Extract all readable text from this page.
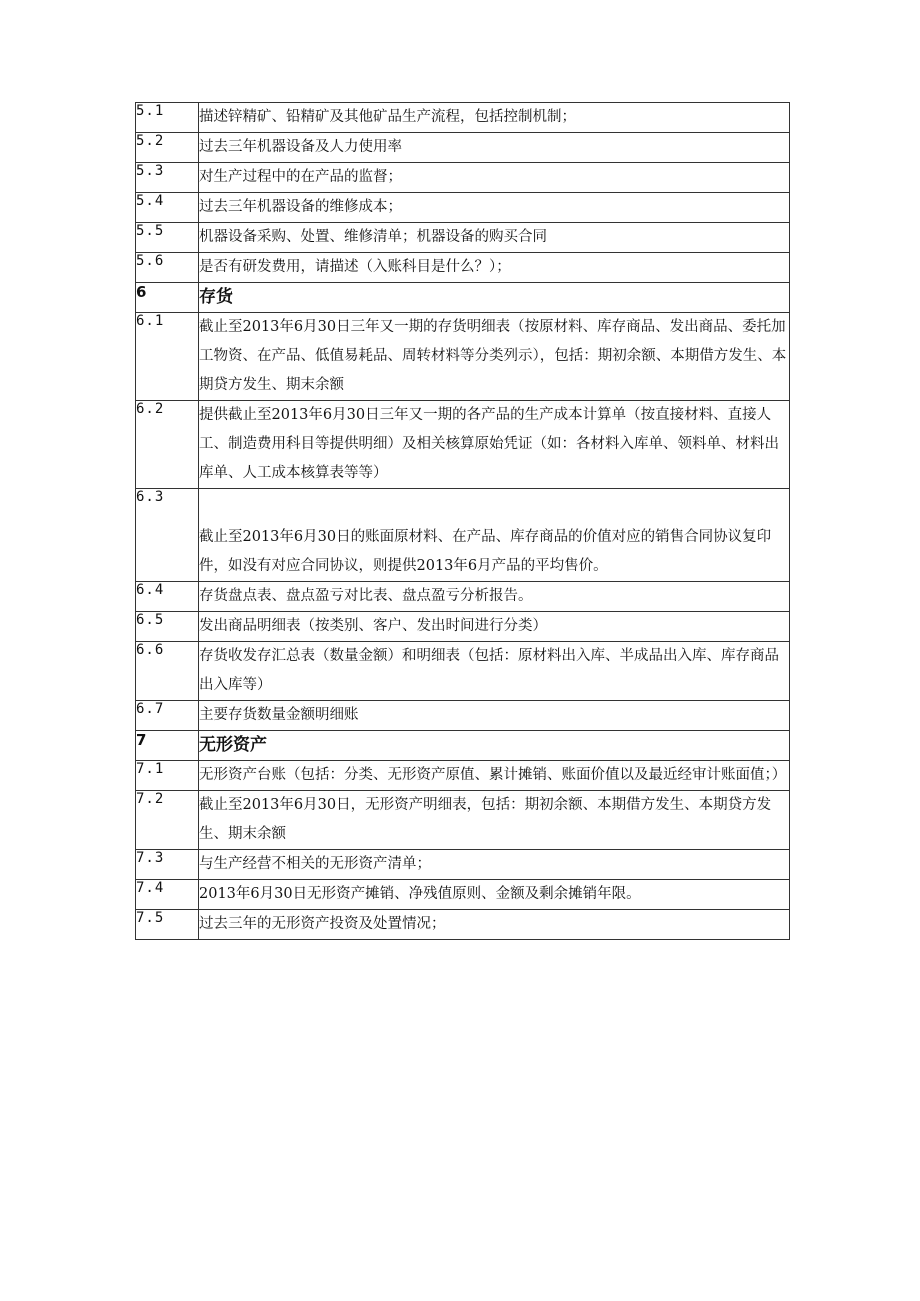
5.1	描述锌精矿、铅精矿及其他矿品生产流程，包括控制机制；
5.2	过去三年机器设备及人力使用率
5.3	对生产过程中的在产品的监督；
5.4	过去三年机器设备的维修成本；
5.5	机器设备采购、处置、维修清单；机器设备的购买合同
5.6	是否有研发费用，请描述（入账科目是什么？）；
6	存货
6.1	截止至2013年6月30日三年又一期的存货明细表（按原材料、库存商品、发出商品、委托加工物资、在产品、低值易耗品、周转材料等分类列示），包括：期初余额、本期借方发生、本期贷方发生、期末余额
6.2	提供截止至2013年6月30日三年又一期的各产品的生产成本计算单（按直接材料、直接人工、制造费用科目等提供明细）及相关核算原始凭证（如：各材料入库单、领料单、材料出库单、人工成本核算表等等）
6.3	截止至2013年6月30日的账面原材料、在产品、库存商品的价值对应的销售合同协议复印件，如没有对应合同协议，则提供2013年6月产品的平均售价。
6.4	存货盘点表、盘点盈亏对比表、盘点盈亏分析报告。
6.5	发出商品明细表（按类别、客户、发出时间进行分类）
6.6	存货收发存汇总表（数量金额）和明细表（包括：原材料出入库、半成品出入库、库存商品出入库等）
6.7	主要存货数量金额明细账
7	无形资产
7.1	无形资产台账（包括：分类、无形资产原值、累计摊销、账面价值以及最近经审计账面值；）
7.2	截止至2013年6月30日，无形资产明细表，包括：期初余额、本期借方发生、本期贷方发生、期末余额
7.3	与生产经营不相关的无形资产清单；
7.4	2013年6月30日无形资产摊销、净残值原则、金额及剩余摊销年限。
7.5	过去三年的无形资产投资及处置情况；
